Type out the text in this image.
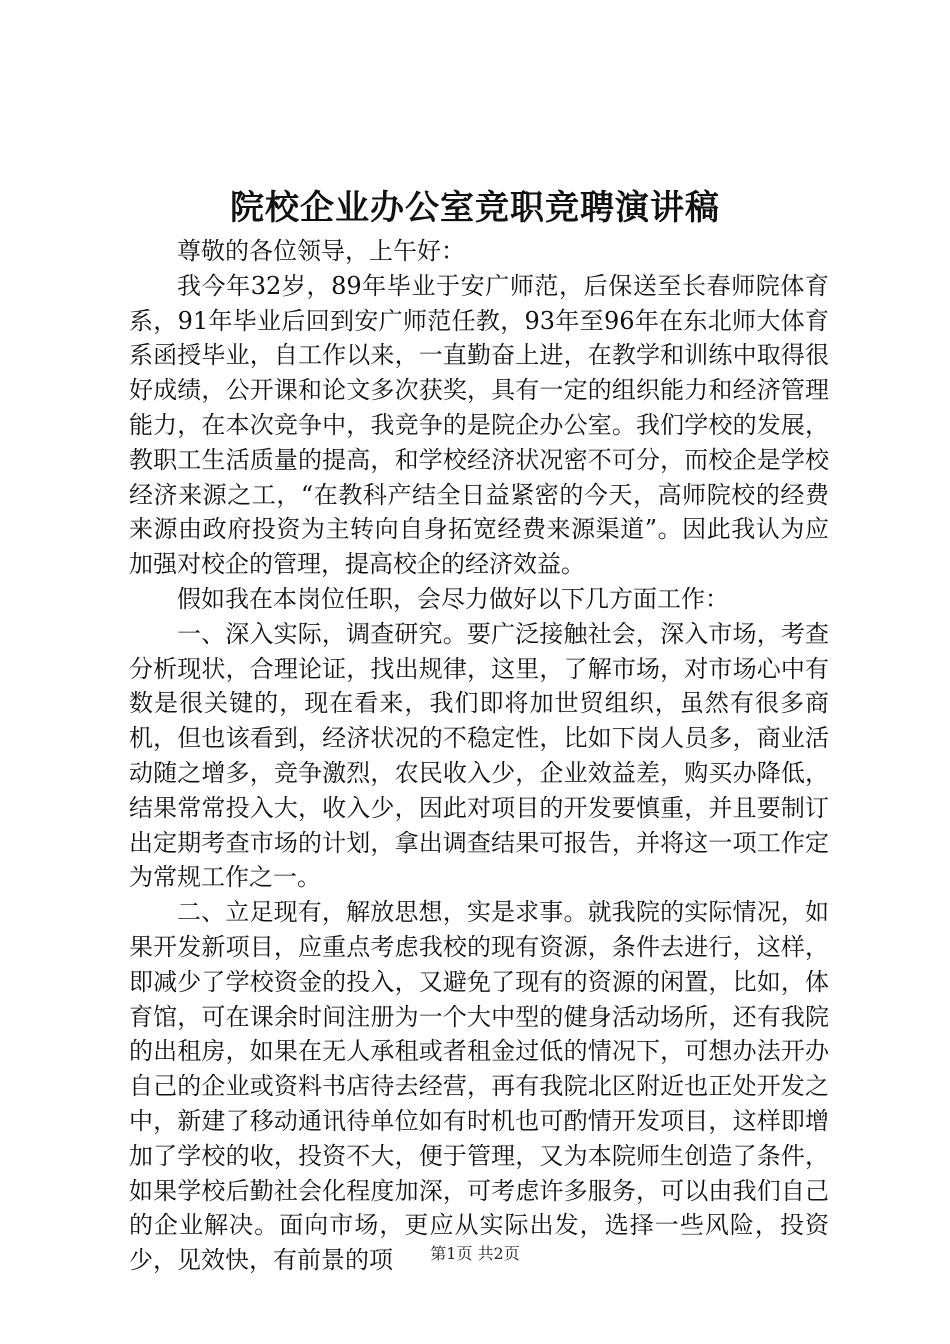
院校企业办公室竞职竞聘演讲稿

尊敬的各位领导，上午好：

我今年32岁，89年毕业于安广师范，后保送至长春师院体育系，91年毕业后回到安广师范任教，93年至96年在东北师大体育系函授毕业，自工作以来，一直勤奋上进，在教学和训练中取得很好成绩，公开课和论文多次获奖，具有一定的组织能力和经济管理能力，在本次竞争中，我竞争的是院企办公室。我们学校的发展，教职工生活质量的提高，和学校经济状况密不可分，而校企是学校经济来源之工，“在教科产结全日益紧密的今天，高师院校的经费来源由政府投资为主转向自身拓宽经费来源渠道”。因此我认为应加强对校企的管理，提高校企的经济效益。

假如我在本岗位任职，会尽力做好以下几方面工作：

一、深入实际，调查研究。要广泛接触社会，深入市场，考查分析现状，合理论证，找出规律，这里，了解市场，对市场心中有数是很关键的，现在看来，我们即将加世贸组织，虽然有很多商机，但也该看到，经济状况的不稳定性，比如下岗人员多，商业活动随之增多，竞争激烈，农民收入少，企业效益差，购买办降低，结果常常投入大，收入少，因此对项目的开发要慎重，并且要制订出定期考查市场的计划，拿出调查结果可报告，并将这一项工作定为常规工作之一。

二、立足现有，解放思想，实是求事。就我院的实际情况，如果开发新项目，应重点考虑我校的现有资源，条件去进行，这样，即减少了学校资金的投入，又避免了现有的资源的闲置，比如，体育馆，可在课余时间注册为一个大中型的健身活动场所，还有我院的出租房，如果在无人承租或者租金过低的情况下，可想办法开办自己的企业或资料书店待去经营，再有我院北区附近也正处开发之中，新建了移动通讯待单位如有时机也可酌情开发项目，这样即增加了学校的收，投资不大，便于管理，又为本院师生创造了条件，如果学校后勤社会化程度加深，可考虑许多服务，可以由我们自己的企业解决。面向市场，更应从实际出发，选择一些风险，投资少，见效快，有前景的项	第1页 共2页
